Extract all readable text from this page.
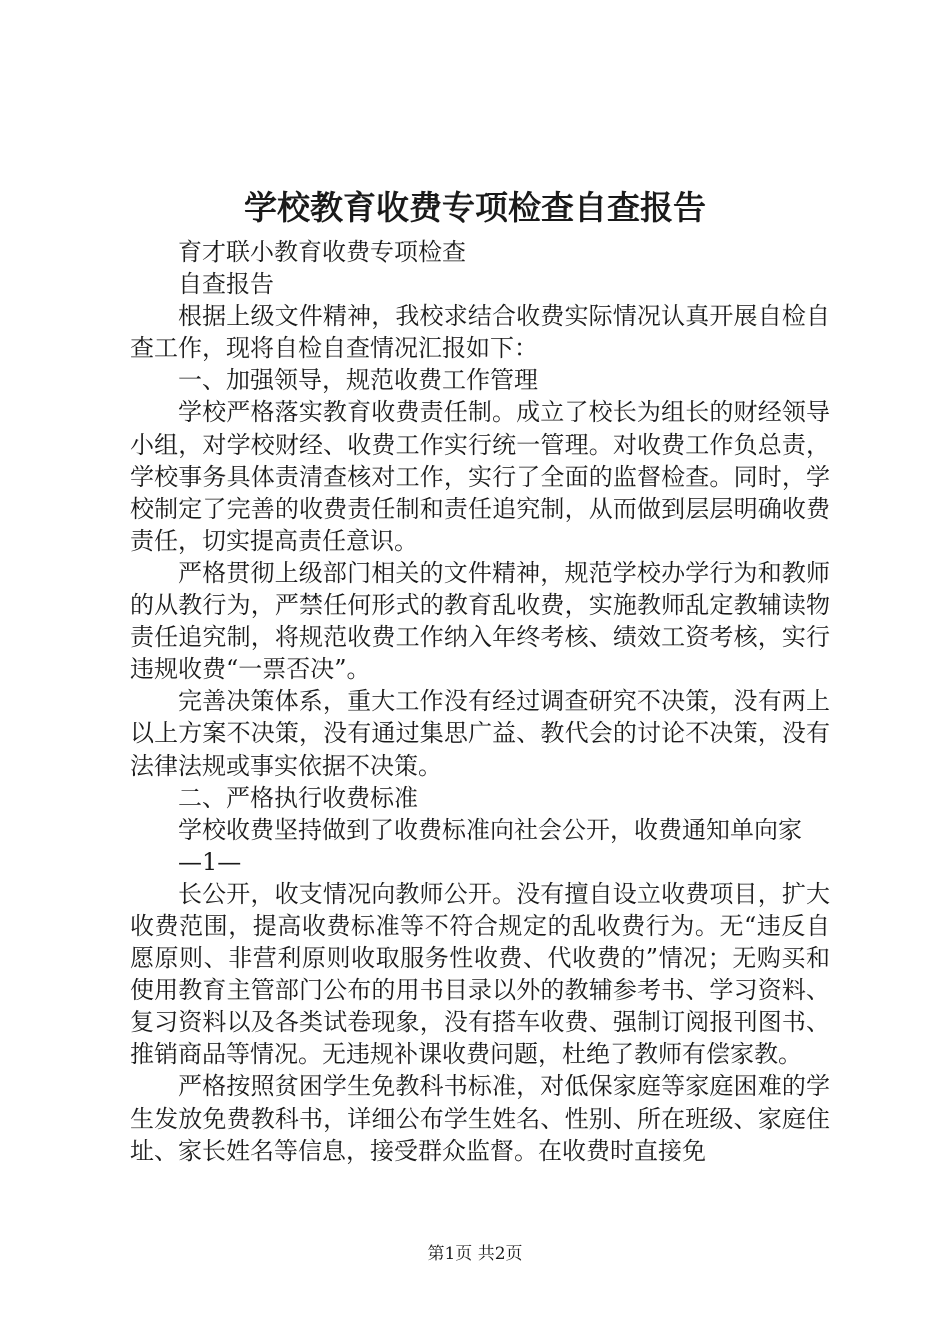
学校教育收费专项检查自查报告

育才联小教育收费专项检查

自查报告

根据上级文件精神，我校求结合收费实际情况认真开展自检自查工作，现将自检自查情况汇报如下：

一、加强领导，规范收费工作管理

学校严格落实教育收费责任制。成立了校长为组长的财经领导小组，对学校财经、收费工作实行统一管理。对收费工作负总责，学校事务具体责清查核对工作，实行了全面的监督检查。同时，学校制定了完善的收费责任制和责任追究制，从而做到层层明确收费责任，切实提高责任意识。

严格贯彻上级部门相关的文件精神，规范学校办学行为和教师的从教行为，严禁任何形式的教育乱收费，实施教师乱定教辅读物责任追究制，将规范收费工作纳入年终考核、绩效工资考核，实行违规收费“一票否决”。

完善决策体系，重大工作没有经过调查研究不决策，没有两上以上方案不决策，没有通过集思广益、教代会的讨论不决策，没有法律法规或事实依据不决策。

二、严格执行收费标准

学校收费坚持做到了收费标准向社会公开，收费通知单向家

—1—

长公开，收支情况向教师公开。没有擅自设立收费项目，扩大收费范围，提高收费标准等不符合规定的乱收费行为。无“违反自愿原则、非营利原则收取服务性收费、代收费的”情况；无购买和使用教育主管部门公布的用书目录以外的教辅参考书、学习资料、复习资料以及各类试卷现象，没有搭车收费、强制订阅报刊图书、推销商品等情况。无违规补课收费问题，杜绝了教师有偿家教。

严格按照贫困学生免教科书标准，对低保家庭等家庭困难的学生发放免费教科书，详细公布学生姓名、性别、所在班级、家庭住址、家长姓名等信息，接受群众监督。在收费时直接免

第1页 共2页
